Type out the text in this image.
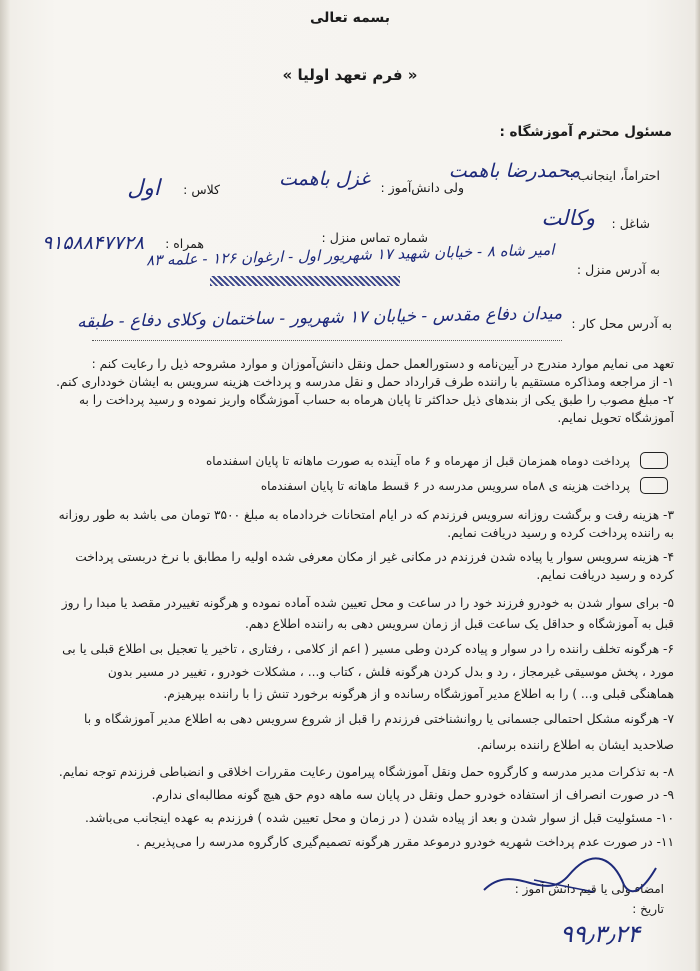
بسمه تعالی
« فرم تعهد اولیا »
مسئول محترم آموزشگاه :
احتراماً، اینجانب :
محمدرضا باهمت
ولی دانش‌آموز :
غزل باهمت
کلاس :
اول
شاغل :
وکالت
شماره تماس منزل :
همراه :
۹۱۵۸۸۴۷۷۲۸
به آدرس منزل :
امیر شاه ۸ - خیابان شهید ۱۷ شهریور اول - ارغوان ۱۲۶ - علمه ۸۳
به آدرس محل کار :
میدان دفاع مقدس - خیابان ۱۷ شهریور - ساختمان وکلای دفاع - طبقه
تعهد می نمایم موارد مندرج در آیین‌نامه و دستورالعمل حمل ونقل دانش‌آموزان و موارد مشروحه ذیل را رعایت کنم :
۱- از مراجعه ومذاکره مستقیم با راننده طرف قرارداد حمل و نقل مدرسه و پرداخت هزینه سرویس به ایشان خودداری کنم.
۲- مبلغ مصوب را طبق یکی از بندهای ذیل حداکثر تا پایان هرماه به حساب آموزشگاه واریز نموده و رسید پرداخت را به
آموزشگاه تحویل نمایم.
پرداخت دوماه همزمان قبل از مهرماه و ۶ ماه آینده به صورت ماهانه تا پایان اسفندماه
پرداخت هزینه ی ۸ماه سرویس مدرسه در ۶ قسط ماهانه تا پایان اسفندماه
۳- هزینه رفت و برگشت روزانه سرویس فرزندم که در ایام امتحانات خردادماه به مبلغ ۳۵۰۰ تومان می باشد به طور روزانه
به راننده پرداخت کرده و رسید دریافت نمایم.
۴- هزینه سرویس سوار یا پیاده شدن فرزندم در مکانی غیر از مکان معرفی شده اولیه را مطابق با نرخ دربستی پرداخت
کرده و رسید دریافت نمایم.
۵- برای سوار شدن به خودرو فرزند خود را در ساعت و محل تعیین شده آماده نموده و هرگونه تغییردر مقصد یا مبدا را روز
قبل به آموزشگاه و حداقل یک ساعت قبل از زمان سرویس دهی به راننده اطلاع دهم.
۶- هرگونه تخلف راننده را در سوار و پیاده کردن وطی مسیر ( اعم از کلامی ، رفتاری ، تاخیر یا تعجیل بی اطلاع قبلی یا بی
مورد ، پخش موسیقی غیرمجاز ، رد و بدل کردن هرگونه فلش ، کتاب و... ، مشکلات خودرو ، تغییر در مسیر بدون
هماهنگی قبلی و... ) را به اطلاع مدیر آموزشگاه رسانده و از هرگونه برخورد تنش زا با راننده بپرهیزم.
۷- هرگونه مشکل احتمالی جسمانی یا روانشناختی فرزندم را قبل از شروع سرویس دهی به اطلاع مدیر آموزشگاه و با
صلاحدید ایشان به اطلاع راننده برسانم.
۸- به تذکرات مدیر مدرسه و کارگروه حمل ونقل آموزشگاه پیرامون رعایت مقررات اخلاقی و انضباطی فرزندم توجه نمایم.
۹- در صورت انصراف از استفاده خودرو حمل ونقل در پایان سه ماهه دوم حق هیچ گونه مطالبه‌ای ندارم.
۱۰- مسئولیت قبل از سوار شدن و بعد از پیاده شدن ( در زمان و محل تعیین شده ) فرزندم به عهده اینجانب می‌باشد.
۱۱- در صورت عدم پرداخت شهریه خودرو درموعد مقرر هرگونه تصمیم‌گیری کارگروه مدرسه را می‌پذیریم .
امضاء ولی یا قیم دانش آموز :
تاریخ :
۹۹٫۳٫۲۴
